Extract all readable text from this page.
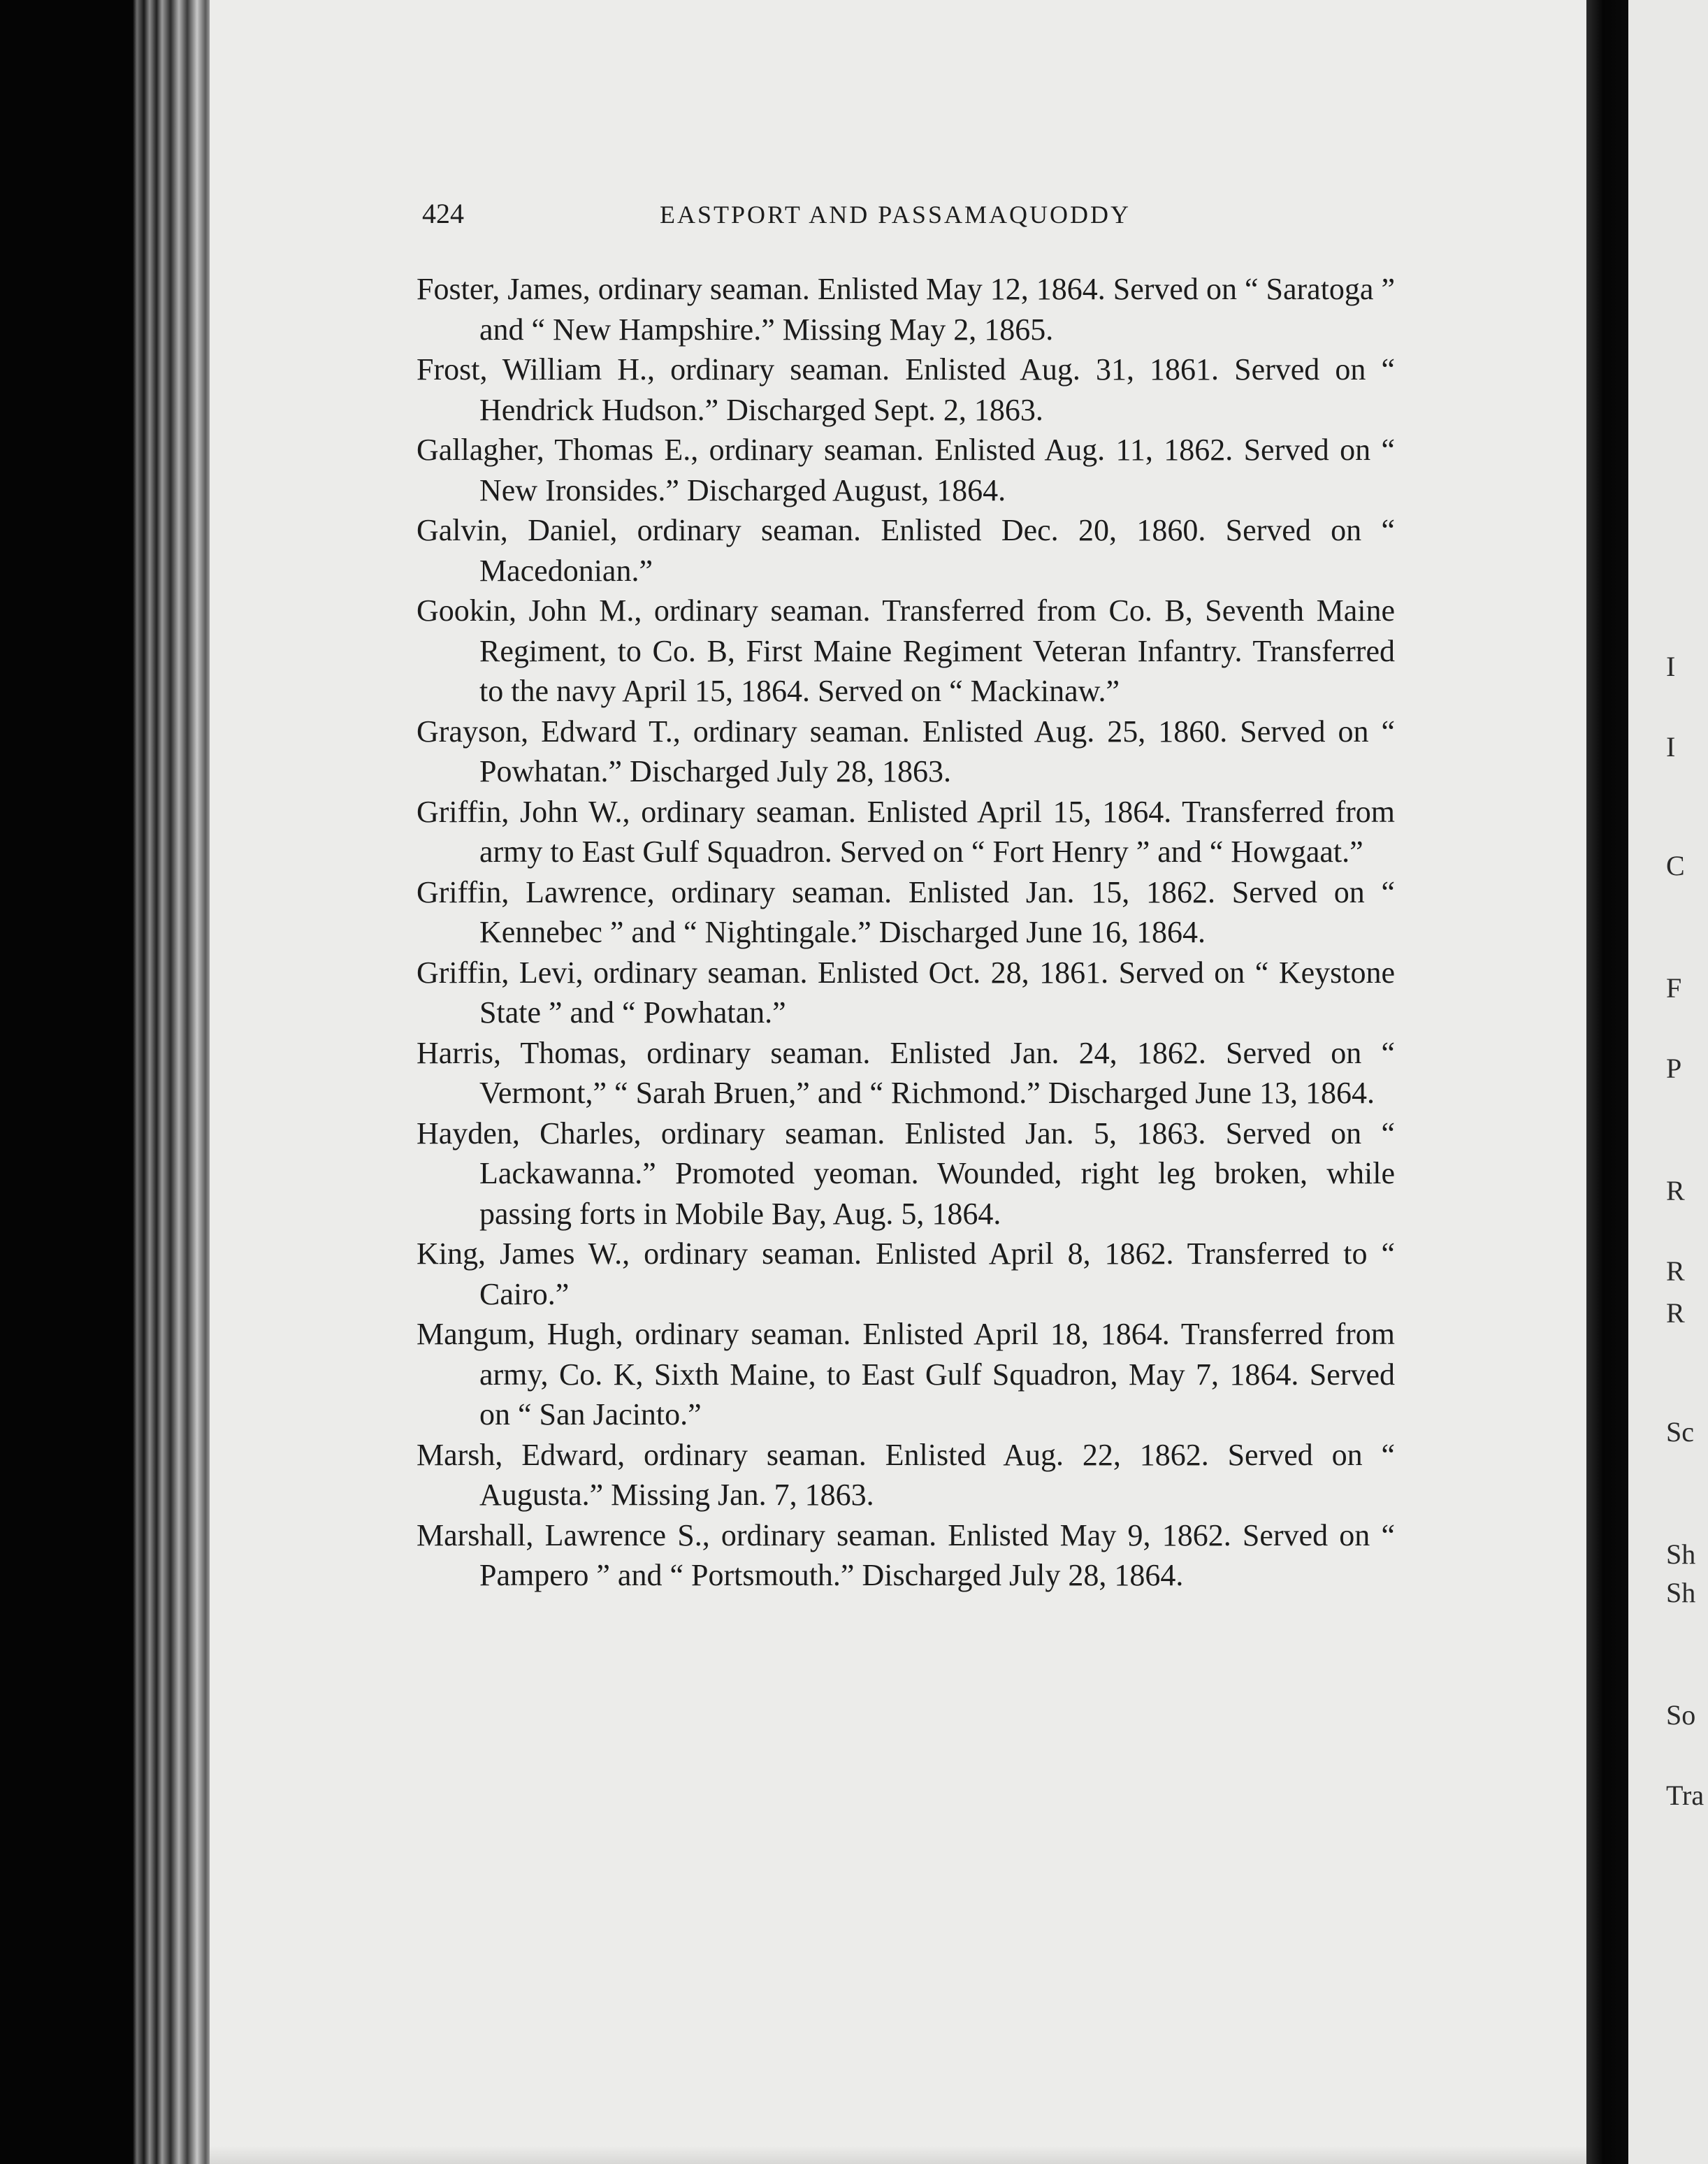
I
I
C
F
P
R
R
R
Sc
Sh
Sh
So
Tra
424	EASTPORT AND PASSAMAQUODDY

Foster, James, ordinary seaman. Enlisted May 12, 1864. Served on “ Saratoga ” and “ New Hampshire.” Missing May 2, 1865.

Frost, William H., ordinary seaman. Enlisted Aug. 31, 1861. Served on “ Hendrick Hudson.” Discharged Sept. 2, 1863.

Gallagher, Thomas E., ordinary seaman. Enlisted Aug. 11, 1862. Served on “ New Ironsides.” Discharged August, 1864.

Galvin, Daniel, ordinary seaman. Enlisted Dec. 20, 1860. Served on “ Macedonian.”

Gookin, John M., ordinary seaman. Transferred from Co. B, Seventh Maine Regiment, to Co. B, First Maine Regiment Veteran Infantry. Transferred to the navy April 15, 1864. Served on “ Mackinaw.”

Grayson, Edward T., ordinary seaman. Enlisted Aug. 25, 1860. Served on “ Powhatan.” Discharged July 28, 1863.

Griffin, John W., ordinary seaman. Enlisted April 15, 1864. Transferred from army to East Gulf Squadron. Served on “ Fort Henry ” and “ Howgaat.”

Griffin, Lawrence, ordinary seaman. Enlisted Jan. 15, 1862. Served on “ Kennebec ” and “ Nightingale.” Discharged June 16, 1864.

Griffin, Levi, ordinary seaman. Enlisted Oct. 28, 1861. Served on “ Keystone State ” and “ Powhatan.”

Harris, Thomas, ordinary seaman. Enlisted Jan. 24, 1862. Served on “ Vermont,” “ Sarah Bruen,” and “ Richmond.” Discharged June 13, 1864.

Hayden, Charles, ordinary seaman. Enlisted Jan. 5, 1863. Served on “ Lackawanna.” Promoted yeoman. Wounded, right leg broken, while passing forts in Mobile Bay, Aug. 5, 1864.

King, James W., ordinary seaman. Enlisted April 8, 1862. Transferred to “ Cairo.”

Mangum, Hugh, ordinary seaman. Enlisted April 18, 1864. Transferred from army, Co. K, Sixth Maine, to East Gulf Squadron, May 7, 1864. Served on “ San Jacinto.”

Marsh, Edward, ordinary seaman. Enlisted Aug. 22, 1862. Served on “ Augusta.” Missing Jan. 7, 1863.

Marshall, Lawrence S., ordinary seaman. Enlisted May 9, 1862. Served on “ Pampero ” and “ Portsmouth.” Discharged July 28, 1864.
